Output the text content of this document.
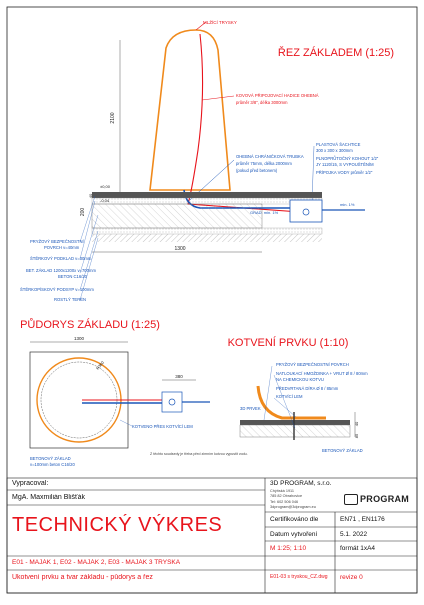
ŘEZ ZÁKLADEM (1:25)
MLŽÍCÍ TRYSKY
KOVOVÁ PŘIPOJOVACÍ HADICE OHEBNÁ
průměr 3/8", délka 3000mm
OHEBNÁ CHRÁNIČKOVÁ TRUBKA
průměr 75mm, délka 2000mm
(pokud před betonem)
PLASTOVÁ ŠACHTICE
300 x 300 x 300mm
PLNOPRŮTOČNÝ KOHOUT 1/2"
JY 1120/15, S VYPOUŠTĚNÍM
PŘÍPOJKA VODY průměr 1/2"
min. 1%
GRAD. min. 1%
2100
1300
200
40
±0,00
-0,04
PRYŽOVÝ BEZPEČNOSTNÍ
POVRCH v=40mm
ŠTĚRKOVÝ PODKLAD v=30mm
BET. ZÁKLAD 1200x1200x v=700mm
BETON C16/20
ŠTĚRKOPÍSKOVÝ PODSYP v=100mm
ROSTLÝ TERÉN
PŮDORYS ZÁKLADU (1:25)
1300
R360
380
KOTVENO PŘES KOTVÍCÍ LEM
BETONOVÝ ZÁKLAD
v=100mm beton C16/20
KOTVENÍ PRVKU (1:10)
PRYŽOVÝ BEZPEČNOSTNÍ POVRCH
NATLOUKACÍ HMOŽDINKA + VRUT Ø 8 / 80mm
NA CHEMICKOU KOTVU
PŘEDVRTANÁ DÍRA Ø 8 / 85mm
KOTVÍCÍ LEM
3D PRVEK
40
85
BETONOVÝ ZÁKLAD
Z těchto soudsedy je třeba před zimním kotvou vypustit vodu.
Vypracoval:
MgA. Maxmilián Blišťák
3D PROGRAM, s.r.o.
Chýňská 1911
785 82 Obrahovice
Tel: 602 506 046
3dprogram@3dprogram.eu
PROGRAM
Certifikováno dle	EN71 , EN1176
Datum vytvoření	5.1. 2022
M 1:25; 1:10	formát 1xA4
TECHNICKÝ VÝKRES
E01 - MAJÁK 1, E02 - MAJÁK 2, E03 - MAJÁK 3 TRYSKA
Ukotvení prvku a tvar základu - půdorys a řez	E01-03 s tryskou_CZ.dwg revize 0
